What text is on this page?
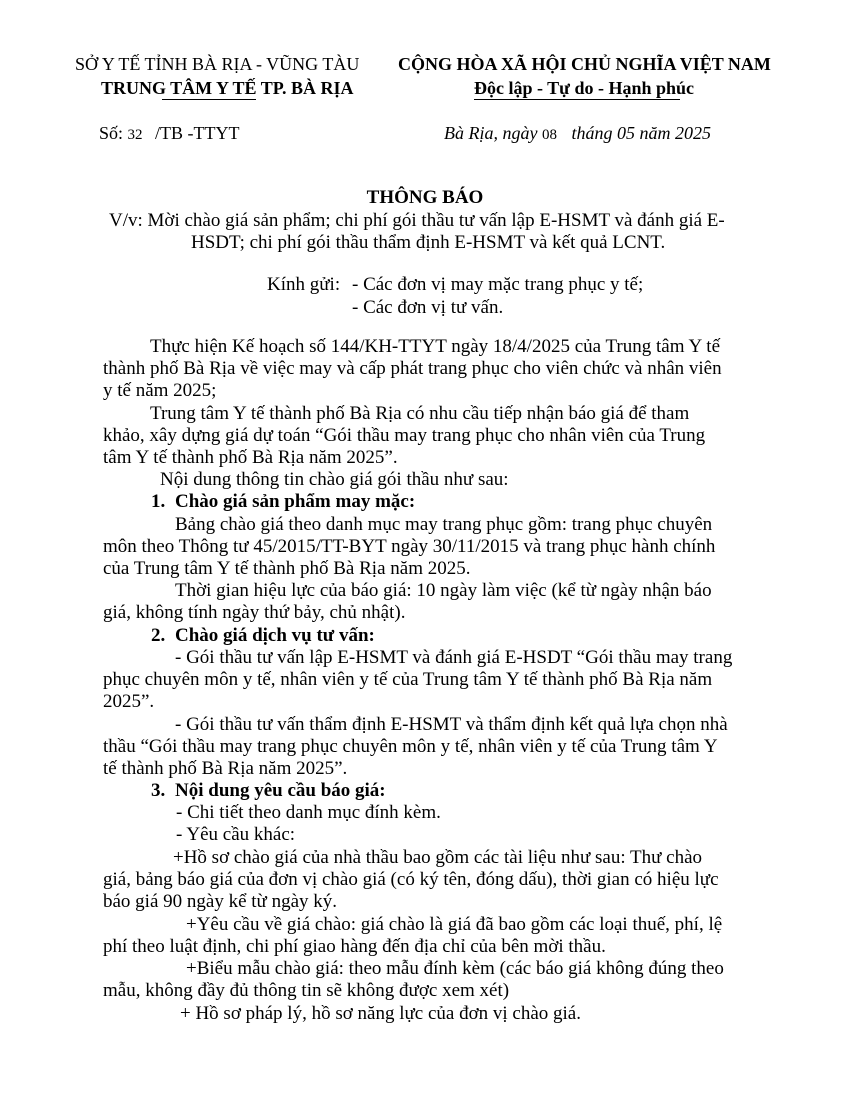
SỞ Y TẾ TỈNH BÀ RỊA - VŨNG TÀU
TRUNG TÂM Y TẾ TP. BÀ RỊA
CỘNG HÒA XÃ HỘI CHỦ NGHĨA VIỆT NAM
Độc lập - Tự do - Hạnh phúc
Số: 32 /TB -TTYT	Bà Rịa, ngày 08 tháng 05 năm 2025
THÔNG BÁO
V/v: Mời chào giá sản phẩm; chi phí gói thầu tư vấn lập E-HSMT và đánh giá E-
HSDT; chi phí gói thầu thẩm định E-HSMT và kết quả LCNT.
Kính gửi: - Các đơn vị may mặc trang phục y tế;
- Các đơn vị tư vấn.
Thực hiện Kế hoạch số 144/KH-TTYT ngày 18/4/2025 của Trung tâm Y tế
thành phố Bà Rịa về việc may và cấp phát trang phục cho viên chức và nhân viên
y tế năm 2025;
Trung tâm Y tế thành phố Bà Rịa có nhu cầu tiếp nhận báo giá để tham
khảo, xây dựng giá dự toán “Gói thầu may trang phục cho nhân viên của Trung
tâm Y tế thành phố Bà Rịa năm 2025”.
Nội dung thông tin chào giá gói thầu như sau:
1. Chào giá sản phẩm may mặc:
Bảng chào giá theo danh mục may trang phục gồm: trang phục chuyên
môn theo Thông tư 45/2015/TT-BYT ngày 30/11/2015 và trang phục hành chính
của Trung tâm Y tế thành phố Bà Rịa năm 2025.
Thời gian hiệu lực của báo giá: 10 ngày làm việc (kể từ ngày nhận báo
giá, không tính ngày thứ bảy, chủ nhật).
2. Chào giá dịch vụ tư vấn:
- Gói thầu tư vấn lập E-HSMT và đánh giá E-HSDT “Gói thầu may trang
phục chuyên môn y tế, nhân viên y tế của Trung tâm Y tế thành phố Bà Rịa năm
2025”.
- Gói thầu tư vấn thẩm định E-HSMT và thẩm định kết quả lựa chọn nhà
thầu “Gói thầu may trang phục chuyên môn y tế, nhân viên y tế của Trung tâm Y
tế thành phố Bà Rịa năm 2025”.
3. Nội dung yêu cầu báo giá:
- Chi tiết theo danh mục đính kèm.
- Yêu cầu khác:
+Hồ sơ chào giá của nhà thầu bao gồm các tài liệu như sau: Thư chào
giá, bảng báo giá của đơn vị chào giá (có ký tên, đóng dấu), thời gian có hiệu lực
báo giá 90 ngày kể từ ngày ký.
+Yêu cầu về giá chào: giá chào là giá đã bao gồm các loại thuế, phí, lệ
phí theo luật định, chi phí giao hàng đến địa chỉ của bên mời thầu.
+Biểu mẫu chào giá: theo mẫu đính kèm (các báo giá không đúng theo
mẫu, không đầy đủ thông tin sẽ không được xem xét)
+ Hồ sơ pháp lý, hồ sơ năng lực của đơn vị chào giá.
